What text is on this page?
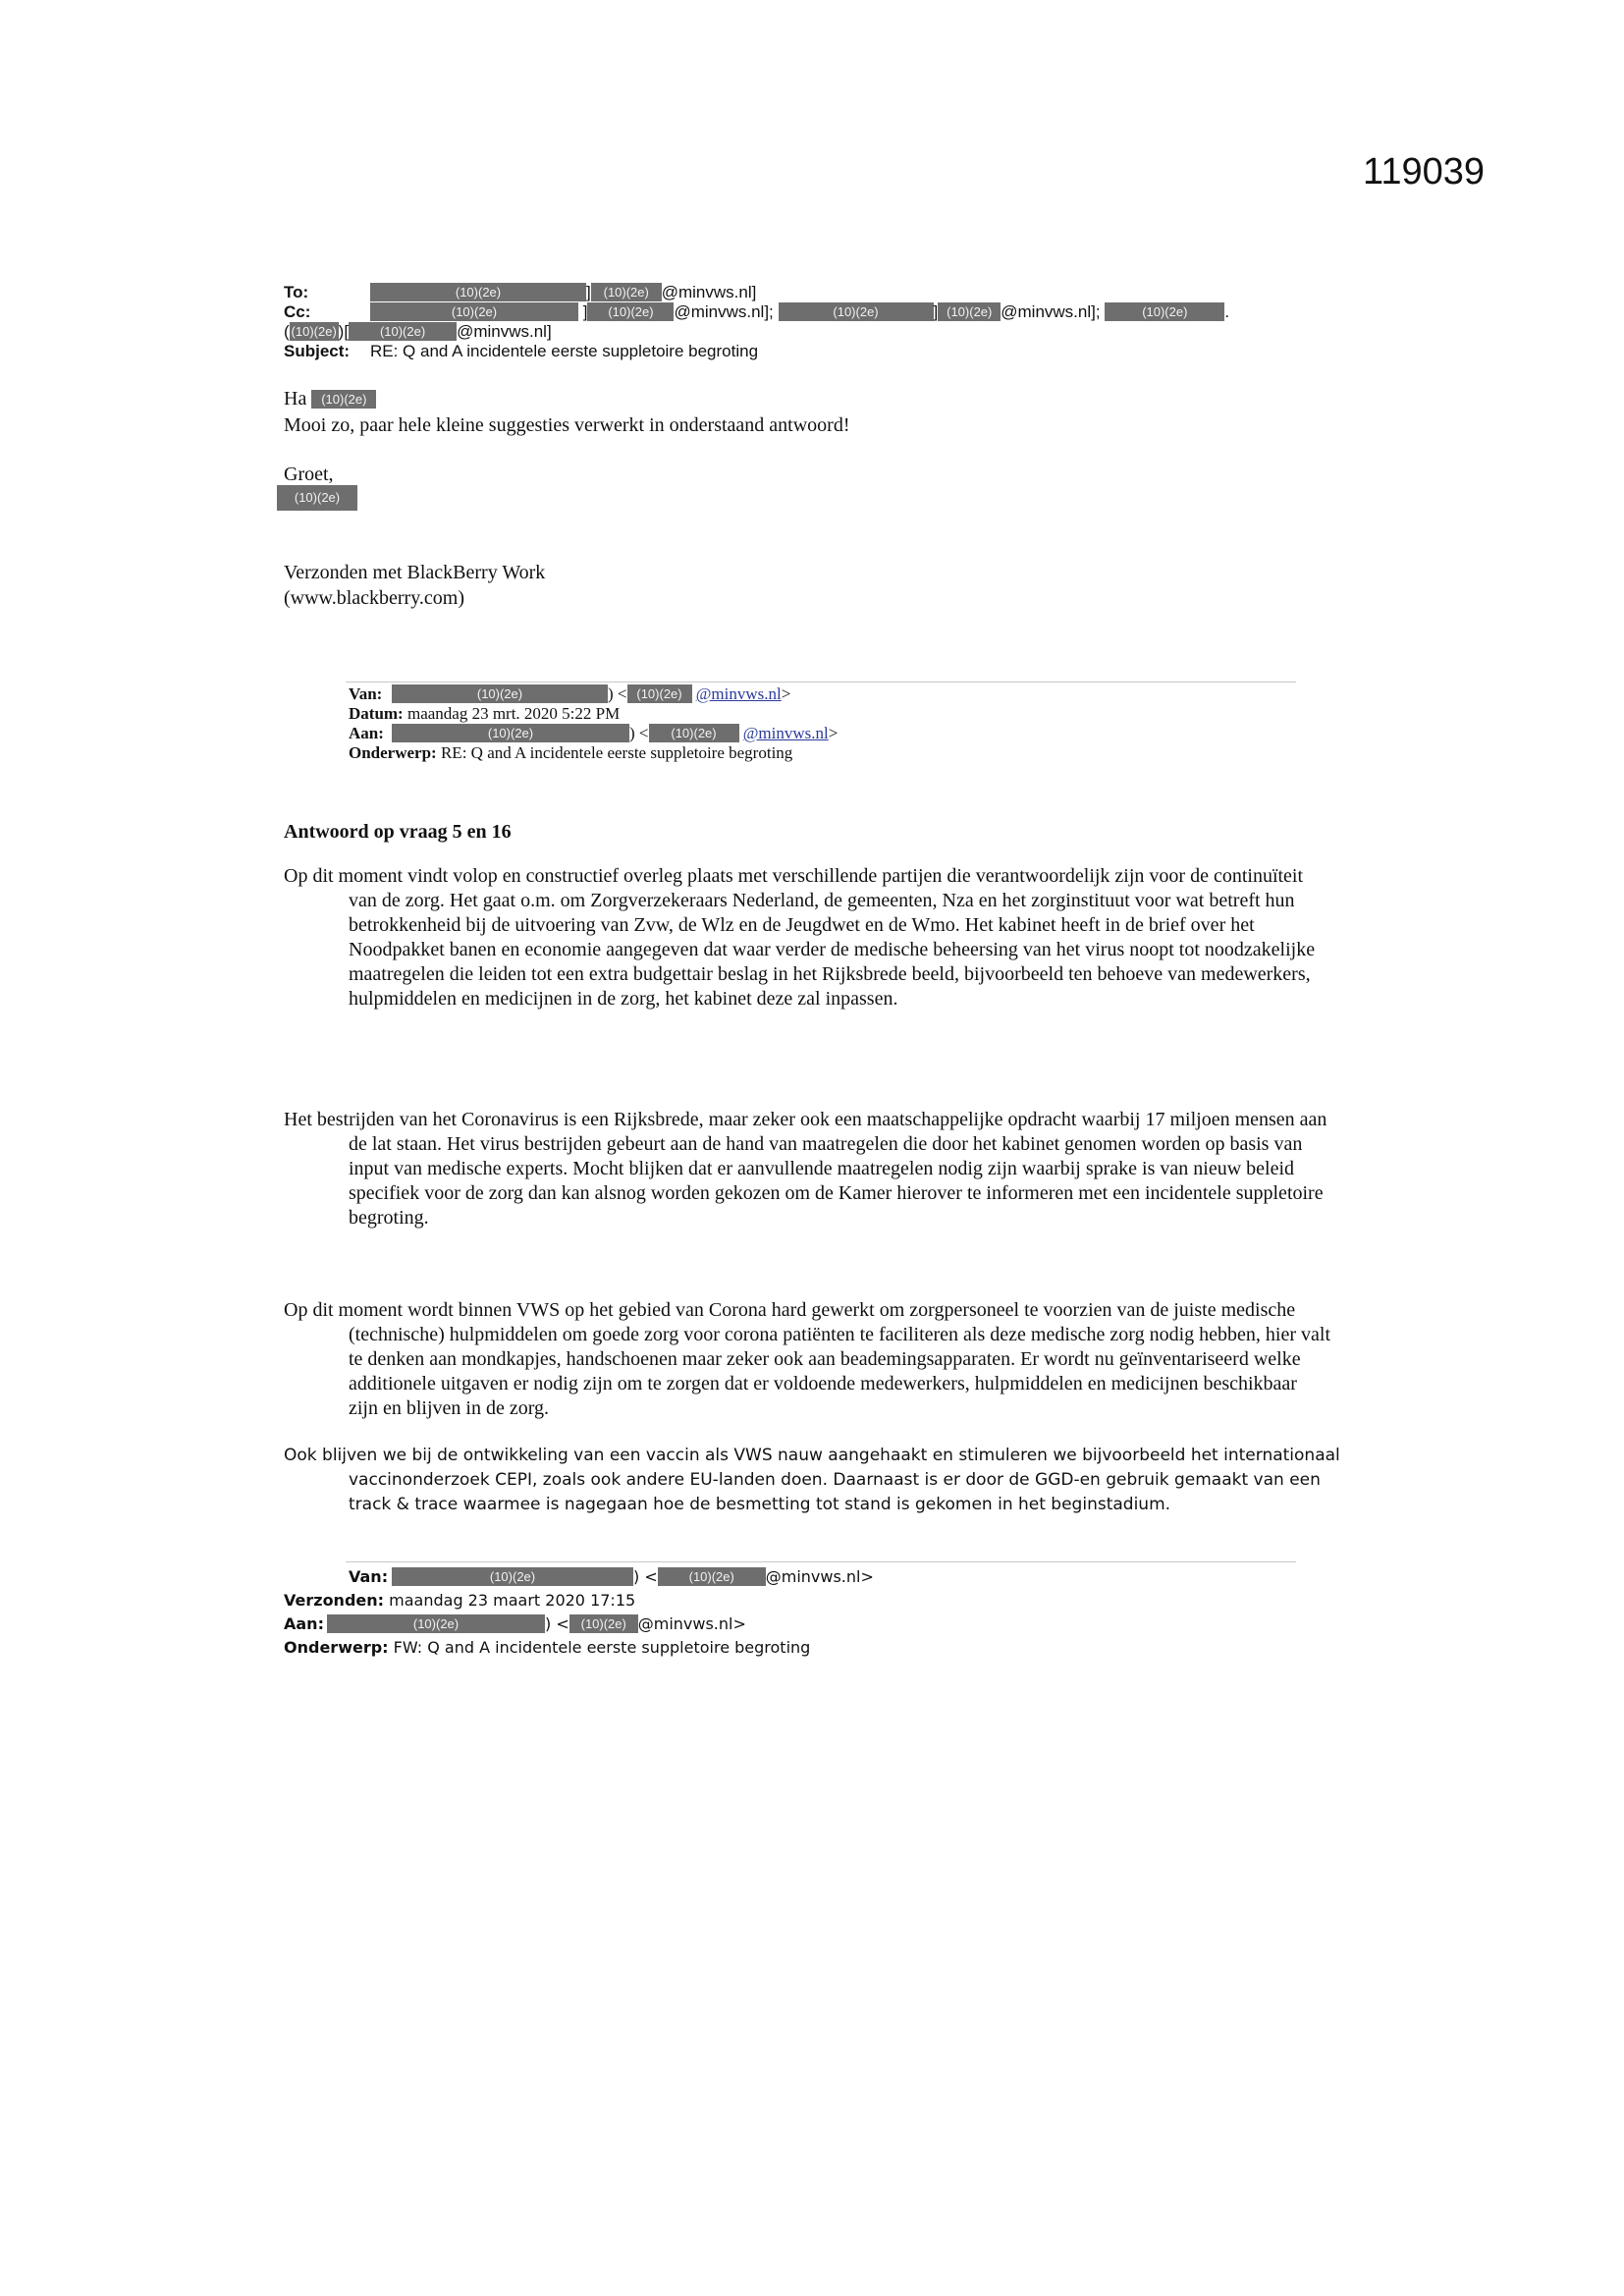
119039
To:	(10)(2e)	] (10)(2e) @minvws.nl]
Cc:	(10)(2e)	] (10)(2e) @minvws.nl];	(10)(2e)	] (10)(2e) @minvws.nl];	(10)(2e) .
( (10)(2e) )[ (10)(2e) @minvws.nl]
Subject: RE: Q and A incidentele eerste suppletoire begroting
Ha (10)(2e)
Mooi zo, paar hele kleine suggesties verwerkt in onderstaand antwoord!
Groet,
(10)(2e)
Verzonden met BlackBerry Work
(www.blackberry.com)
Van:	(10)(2e)	) < (10)(2e) @minvws.nl>
Datum: maandag 23 mrt. 2020 5:22 PM
Aan:	(10)(2e)	) < (10)(2e) @minvws.nl>
Onderwerp: RE: Q and A incidentele eerste suppletoire begroting
Antwoord op vraag 5 en 16

Op dit moment vindt volop en constructief overleg plaats met verschillende partijen die verantwoordelijk zijn voor de continuïteit van de zorg. Het gaat o.m. om Zorgverzekeraars Nederland, de gemeenten, Nza en het zorginstituut voor wat betreft hun betrokkenheid bij de uitvoering van Zvw, de Wlz en de Jeugdwet en de Wmo. Het kabinet heeft in de brief over het Noodpakket banen en economie aangegeven dat waar verder de medische beheersing van het virus noopt tot noodzakelijke maatregelen die leiden tot een extra budgettair beslag in het Rijksbrede beeld, bijvoorbeeld ten behoeve van medewerkers, hulpmiddelen en medicijnen in de zorg, het kabinet deze zal inpassen.

Het bestrijden van het Coronavirus is een Rijksbrede, maar zeker ook een maatschappelijke opdracht waarbij 17 miljoen mensen aan de lat staan. Het virus bestrijden gebeurt aan de hand van maatregelen die door het kabinet genomen worden op basis van input van medische experts. Mocht blijken dat er aanvullende maatregelen nodig zijn waarbij sprake is van nieuw beleid specifiek voor de zorg dan kan alsnog worden gekozen om de Kamer hierover te informeren met een incidentele suppletoire begroting.

Op dit moment wordt binnen VWS op het gebied van Corona hard gewerkt om zorgpersoneel te voorzien van de juiste medische (technische) hulpmiddelen om goede zorg voor corona patiënten te faciliteren als deze medische zorg nodig hebben, hier valt te denken aan mondkapjes, handschoenen maar zeker ook aan beademingsapparaten. Er wordt nu geïnventariseerd welke additionele uitgaven er nodig zijn om te zorgen dat er voldoende medewerkers, hulpmiddelen en medicijnen beschikbaar zijn en blijven in de zorg.

Ook blijven we bij de ontwikkeling van een vaccin als VWS nauw aangehaakt en stimuleren we bijvoorbeeld het internationaal vaccinonderzoek CEPI, zoals ook andere EU-landen doen. Daarnaast is er door de GGD-en gebruik gemaakt van een track & trace waarmee is nagegaan hoe de besmetting tot stand is gekomen in het beginstadium.

Van:	(10)(2e)	) < (10)(2e) @minvws.nl>
Verzonden: maandag 23 maart 2020 17:15
Aan:	(10)(2e)	) < (10)(2e) @minvws.nl>
Onderwerp: FW: Q and A incidentele eerste suppletoire begroting
